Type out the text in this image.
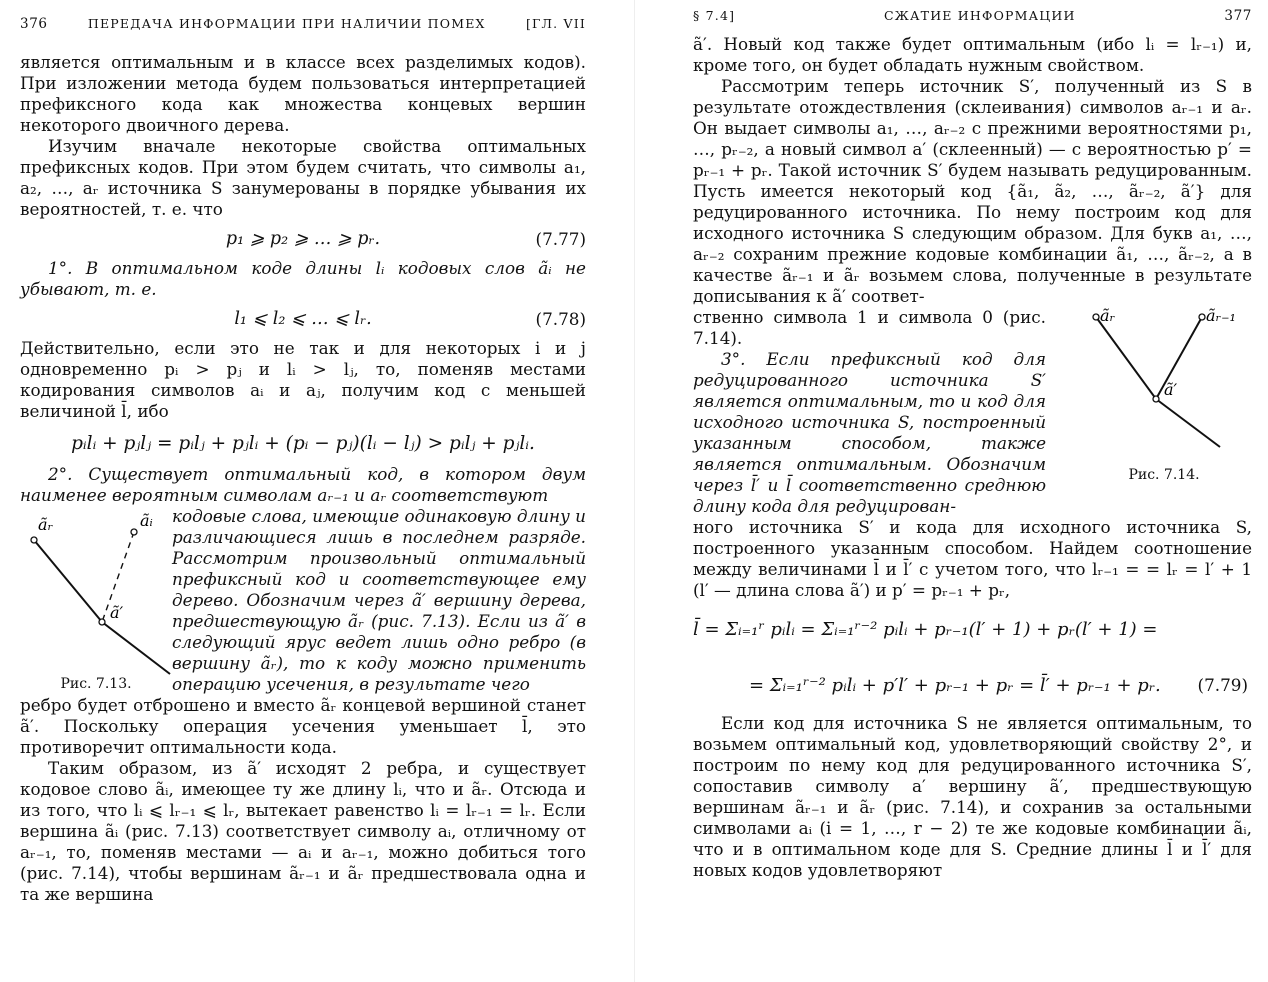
376	ПЕРЕДАЧА ИНФОРМАЦИИ ПРИ НАЛИЧИИ ПОМЕХ	[ГЛ. VII

является оптимальным и в классе всех разделимых кодов). При изложении метода будем пользоваться интерпретацией префиксного кода как множества концевых вершин некоторого двоичного дерева.

Изучим вначале некоторые свойства оптимальных префиксных кодов. При этом будем считать, что символы a₁, a₂, …, aᵣ источника S занумерованы в порядке убывания их вероятностей, т. е. что

p₁ ⩾ p₂ ⩾ … ⩾ pᵣ.	(7.77)

1°. В оптимальном коде длины lᵢ кодовых слов ãᵢ не убывают, т. е.

l₁ ⩽ l₂ ⩽ … ⩽ lᵣ.	(7.78)

Действительно, если это не так и для некоторых i и j одновременно pᵢ > pⱼ и lᵢ > lⱼ, то, поменяв местами кодирования символов aᵢ и aⱼ, получим код с меньшей величиной l̄, ибо

pᵢlᵢ + pⱼlⱼ = pᵢlⱼ + pⱼlᵢ + (pᵢ − pⱼ)(lᵢ − lⱼ) > pᵢlⱼ + pⱼlᵢ.

2°. Существует оптимальный код, в котором двум наименее вероятным символам aᵣ₋₁ и aᵣ соответствуют

ãᵣ	ãᵢ
ã′
Рис. 7.13.

кодовые слова, имеющие одинаковую длину и различающиеся лишь в последнем разряде. Рассмотрим произвольный оптимальный префиксный код и соответствующее ему дерево. Обозначим через ã′ вершину дерева, предшествующую ãᵣ (рис. 7.13). Если из ã′ в следующий ярус ведет лишь одно ребро (в вершину ãᵣ), то к коду можно применить операцию усечения, в результате чего

ребро будет отброшено и вместо ãᵣ концевой вершиной станет ã′. Поскольку операция усечения уменьшает l̄, это противоречит оптимальности кода.

Таким образом, из ã′ исходят 2 ребра, и существует кодовое слово ãᵢ, имеющее ту же длину lᵢ, что и ãᵣ. Отсюда и из того, что lᵢ ⩽ lᵣ₋₁ ⩽ lᵣ, вытекает равенство lᵢ = lᵣ₋₁ = lᵣ. Если вершина ãᵢ (рис. 7.13) соответствует символу aᵢ, отличному от aᵣ₋₁, то, поменяв местами — aᵢ и aᵣ₋₁, можно добиться того (рис. 7.14), чтобы вершинам ãᵣ₋₁ и ãᵣ предшествовала одна и та же вершина

§ 7.4]	СЖАТИЕ ИНФОРМАЦИИ	377

ã′. Новый код также будет оптимальным (ибо lᵢ = lᵣ₋₁) и, кроме того, он будет обладать нужным свойством.

Рассмотрим теперь источник S′, полученный из S в результате отождествления (склеивания) символов aᵣ₋₁ и aᵣ. Он выдает символы a₁, …, aᵣ₋₂ с прежними вероятностями p₁, …, pᵣ₋₂, а новый символ a′ (склеенный) — с вероятностью p′ = pᵣ₋₁ + pᵣ. Такой источник S′ будем называть редуцированным. Пусть имеется некоторый код {ã₁, ã₂, …, ãᵣ₋₂, ã′} для редуцированного источника. По нему построим код для исходного источника S следующим образом. Для букв a₁, …, aᵣ₋₂ сохраним прежние кодовые комбинации ã₁, …, ãᵣ₋₂, а в качестве ãᵣ₋₁ и ãᵣ возьмем слова, полученные в результате дописывания к ã′ соответ-

ственно символа 1 и символа 0 (рис. 7.14).

3°. Если префиксный код для редуцированного источника S′ является оптимальным, то и код для исходного источника S, построенный указанным способом, также является оптимальным. Обозначим через l̄′ и l̄ соответственно среднюю длину кода для редуцирован-

ãᵣ	ãᵣ₋₁
ã′
Рис. 7.14.

ного источника S′ и кода для исходного источника S, построенного указанным способом. Найдем соотношение между величинами l̄ и l̄′ с учетом того, что lᵣ₋₁ = = lᵣ = l′ + 1 (l′ — длина слова ã′) и p′ = pᵣ₋₁ + pᵣ,

l̄ = Σᵢ₌₁ʳ pᵢlᵢ = Σᵢ₌₁ʳ⁻² pᵢlᵢ + pᵣ₋₁(l′ + 1) + pᵣ(l′ + 1) =
= Σᵢ₌₁ʳ⁻² pᵢlᵢ + p′l′ + pᵣ₋₁ + pᵣ = l̄′ + pᵣ₋₁ + pᵣ. (7.79)

Если код для источника S не является оптимальным, то возьмем оптимальный код, удовлетворяющий свойству 2°, и построим по нему код для редуцированного источника S′, сопоставив символу a′ вершину ã′, предшествующую вершинам ãᵣ₋₁ и ãᵣ (рис. 7.14), и сохранив за остальными символами aᵢ (i = 1, …, r − 2) те же кодовые комбинации ãᵢ, что и в оптимальном коде для S. Средние длины l̄ и l̄′ для новых кодов удовлетворяют
